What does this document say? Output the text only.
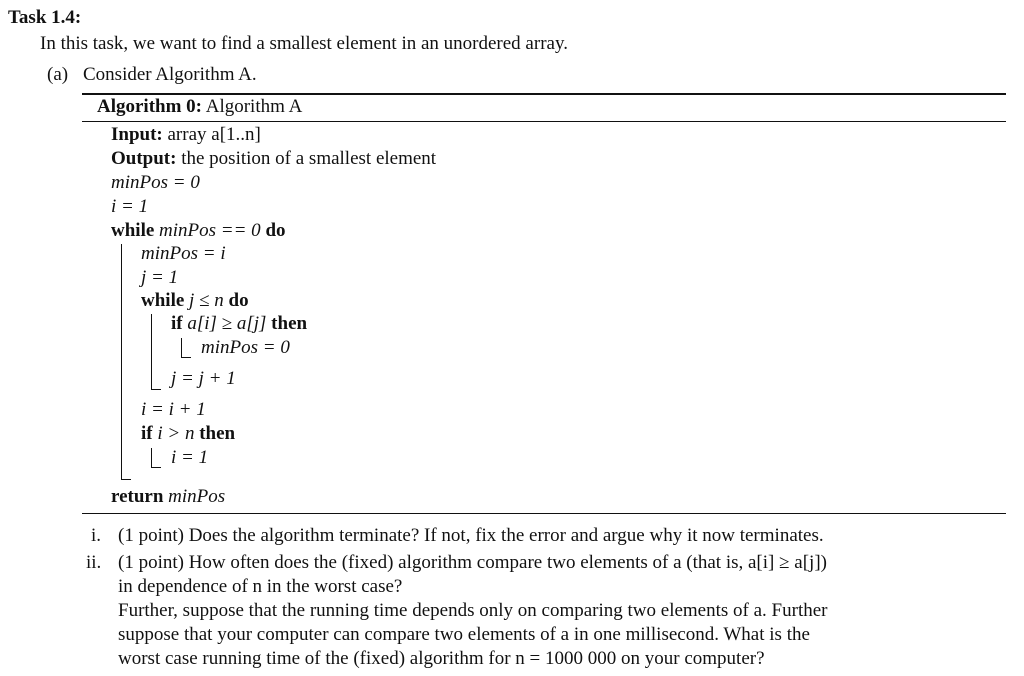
Task 1.4:
In this task, we want to find a smallest element in an unordered array.
(a) Consider Algorithm A.
Algorithm 0: Algorithm A
Input: array a[1..n]
Output: the position of a smallest element
minPos = 0
i = 1
while minPos == 0 do
minPos = i
j = 1
while j ≤ n do
if a[i] ≥ a[j] then
minPos = 0
j = j + 1
i = i + 1
if i > n then
i = 1
return minPos
i. (1 point) Does the algorithm terminate? If not, fix the error and argue why it now terminates.
ii. (1 point) How often does the (fixed) algorithm compare two elements of a (that is, a[i] ≥ a[j])
in dependence of n in the worst case?
Further, suppose that the running time depends only on comparing two elements of a. Further
suppose that your computer can compare two elements of a in one millisecond. What is the
worst case running time of the (fixed) algorithm for n = 1000 000 on your computer?
